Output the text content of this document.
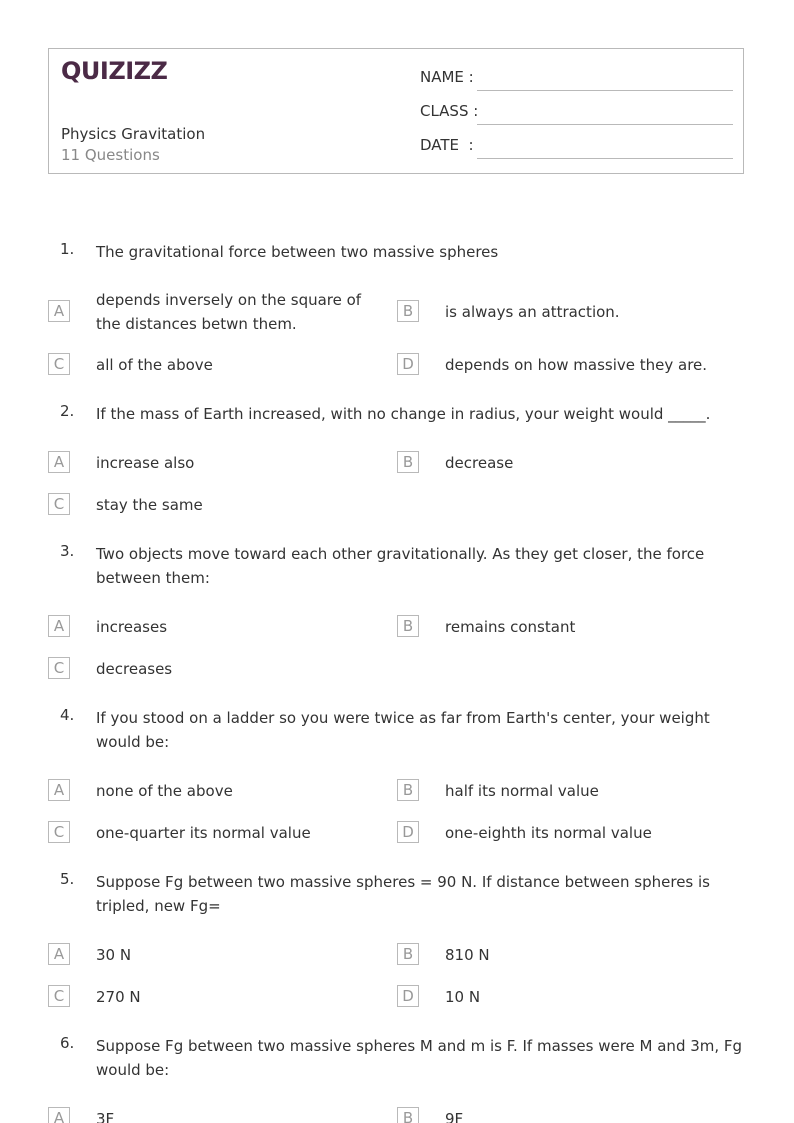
QUIZIZZ
Physics Gravitation
11 Questions
NAME :
CLASS :
DATE  :
1. The gravitational force between two massive spheres
A
depends inversely on the square of the distances betwn them.
B	is always an attraction.
C	all of the above	D	depends on how massive they are.
2. If the mass of Earth increased, with no change in radius, your weight would _____.
A	increase also	B	decrease
C	stay the same
3. Two objects move toward each other gravitationally. As they get closer, the force between them:
A	increases	B	remains constant
C	decreases
4. If you stood on a ladder so you were twice as far from Earth's center, your weight would be:
A	none of the above	B	half its normal value
C	one-quarter its normal value	D	one-eighth its normal value
5. Suppose Fg between two massive spheres = 90 N. If distance between spheres is tripled, new Fg=
A	30 N	B	810 N
C	270 N	D	10 N
6. Suppose Fg between two massive spheres M and m is F. If masses were M and 3m, Fg would be:
A	3F	B	9F
